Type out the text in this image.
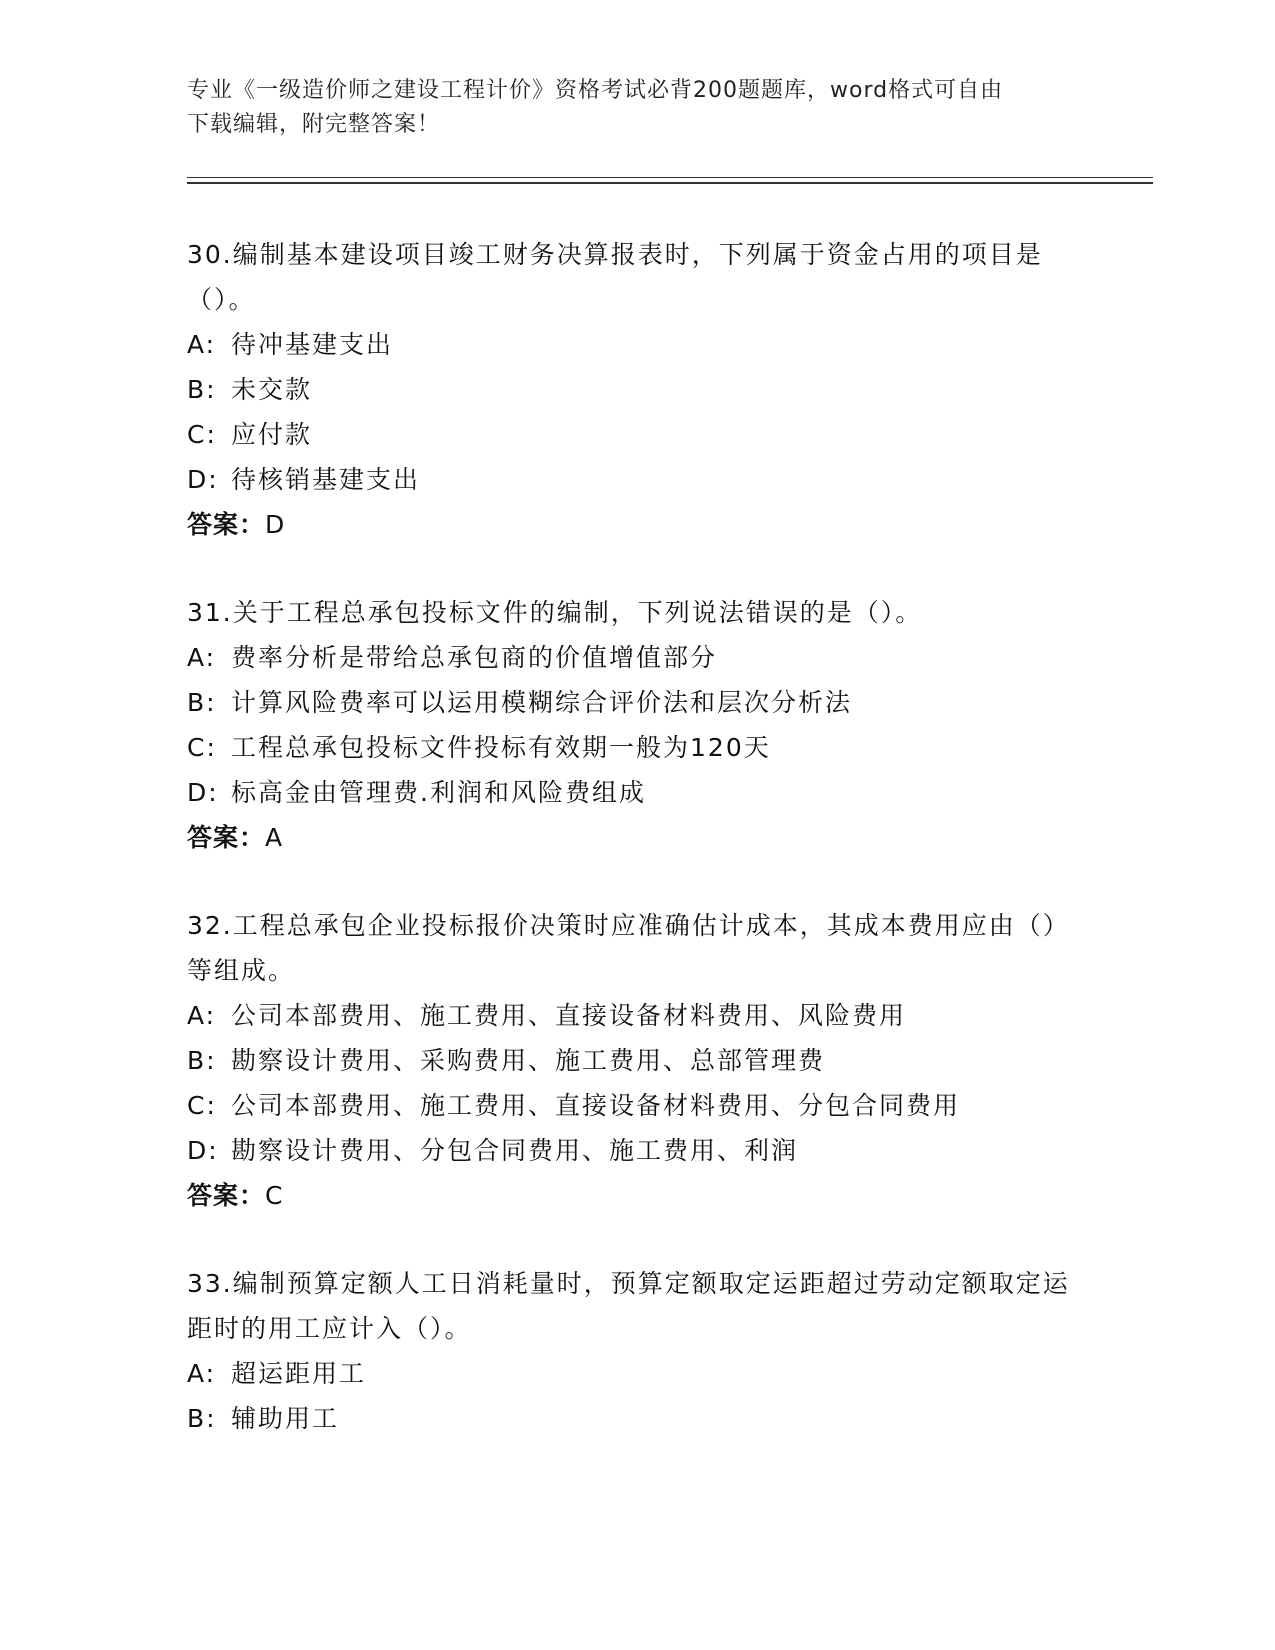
专业《一级造价师之建设工程计价》资格考试必背200题题库，word格式可自由
下载编辑，附完整答案！

30.编制基本建设项目竣工财务决算报表时，下列属于资金占用的项目是（）。

A: 待冲基建支出

B: 未交款

C: 应付款

D: 待核销基建支出

答案：D

31.关于工程总承包投标文件的编制，下列说法错误的是（）。

A: 费率分析是带给总承包商的价值增值部分

B: 计算风险费率可以运用模糊综合评价法和层次分析法

C: 工程总承包投标文件投标有效期一般为120天

D: 标高金由管理费.利润和风险费组成

答案：A

32.工程总承包企业投标报价决策时应准确估计成本，其成本费用应由（）等组成。

A: 公司本部费用、施工费用、直接设备材料费用、风险费用

B: 勘察设计费用、采购费用、施工费用、总部管理费

C: 公司本部费用、施工费用、直接设备材料费用、分包合同费用

D: 勘察设计费用、分包合同费用、施工费用、利润

答案：C

33.编制预算定额人工日消耗量时，预算定额取定运距超过劳动定额取定运距时的用工应计入（）。

A: 超运距用工

B: 辅助用工
